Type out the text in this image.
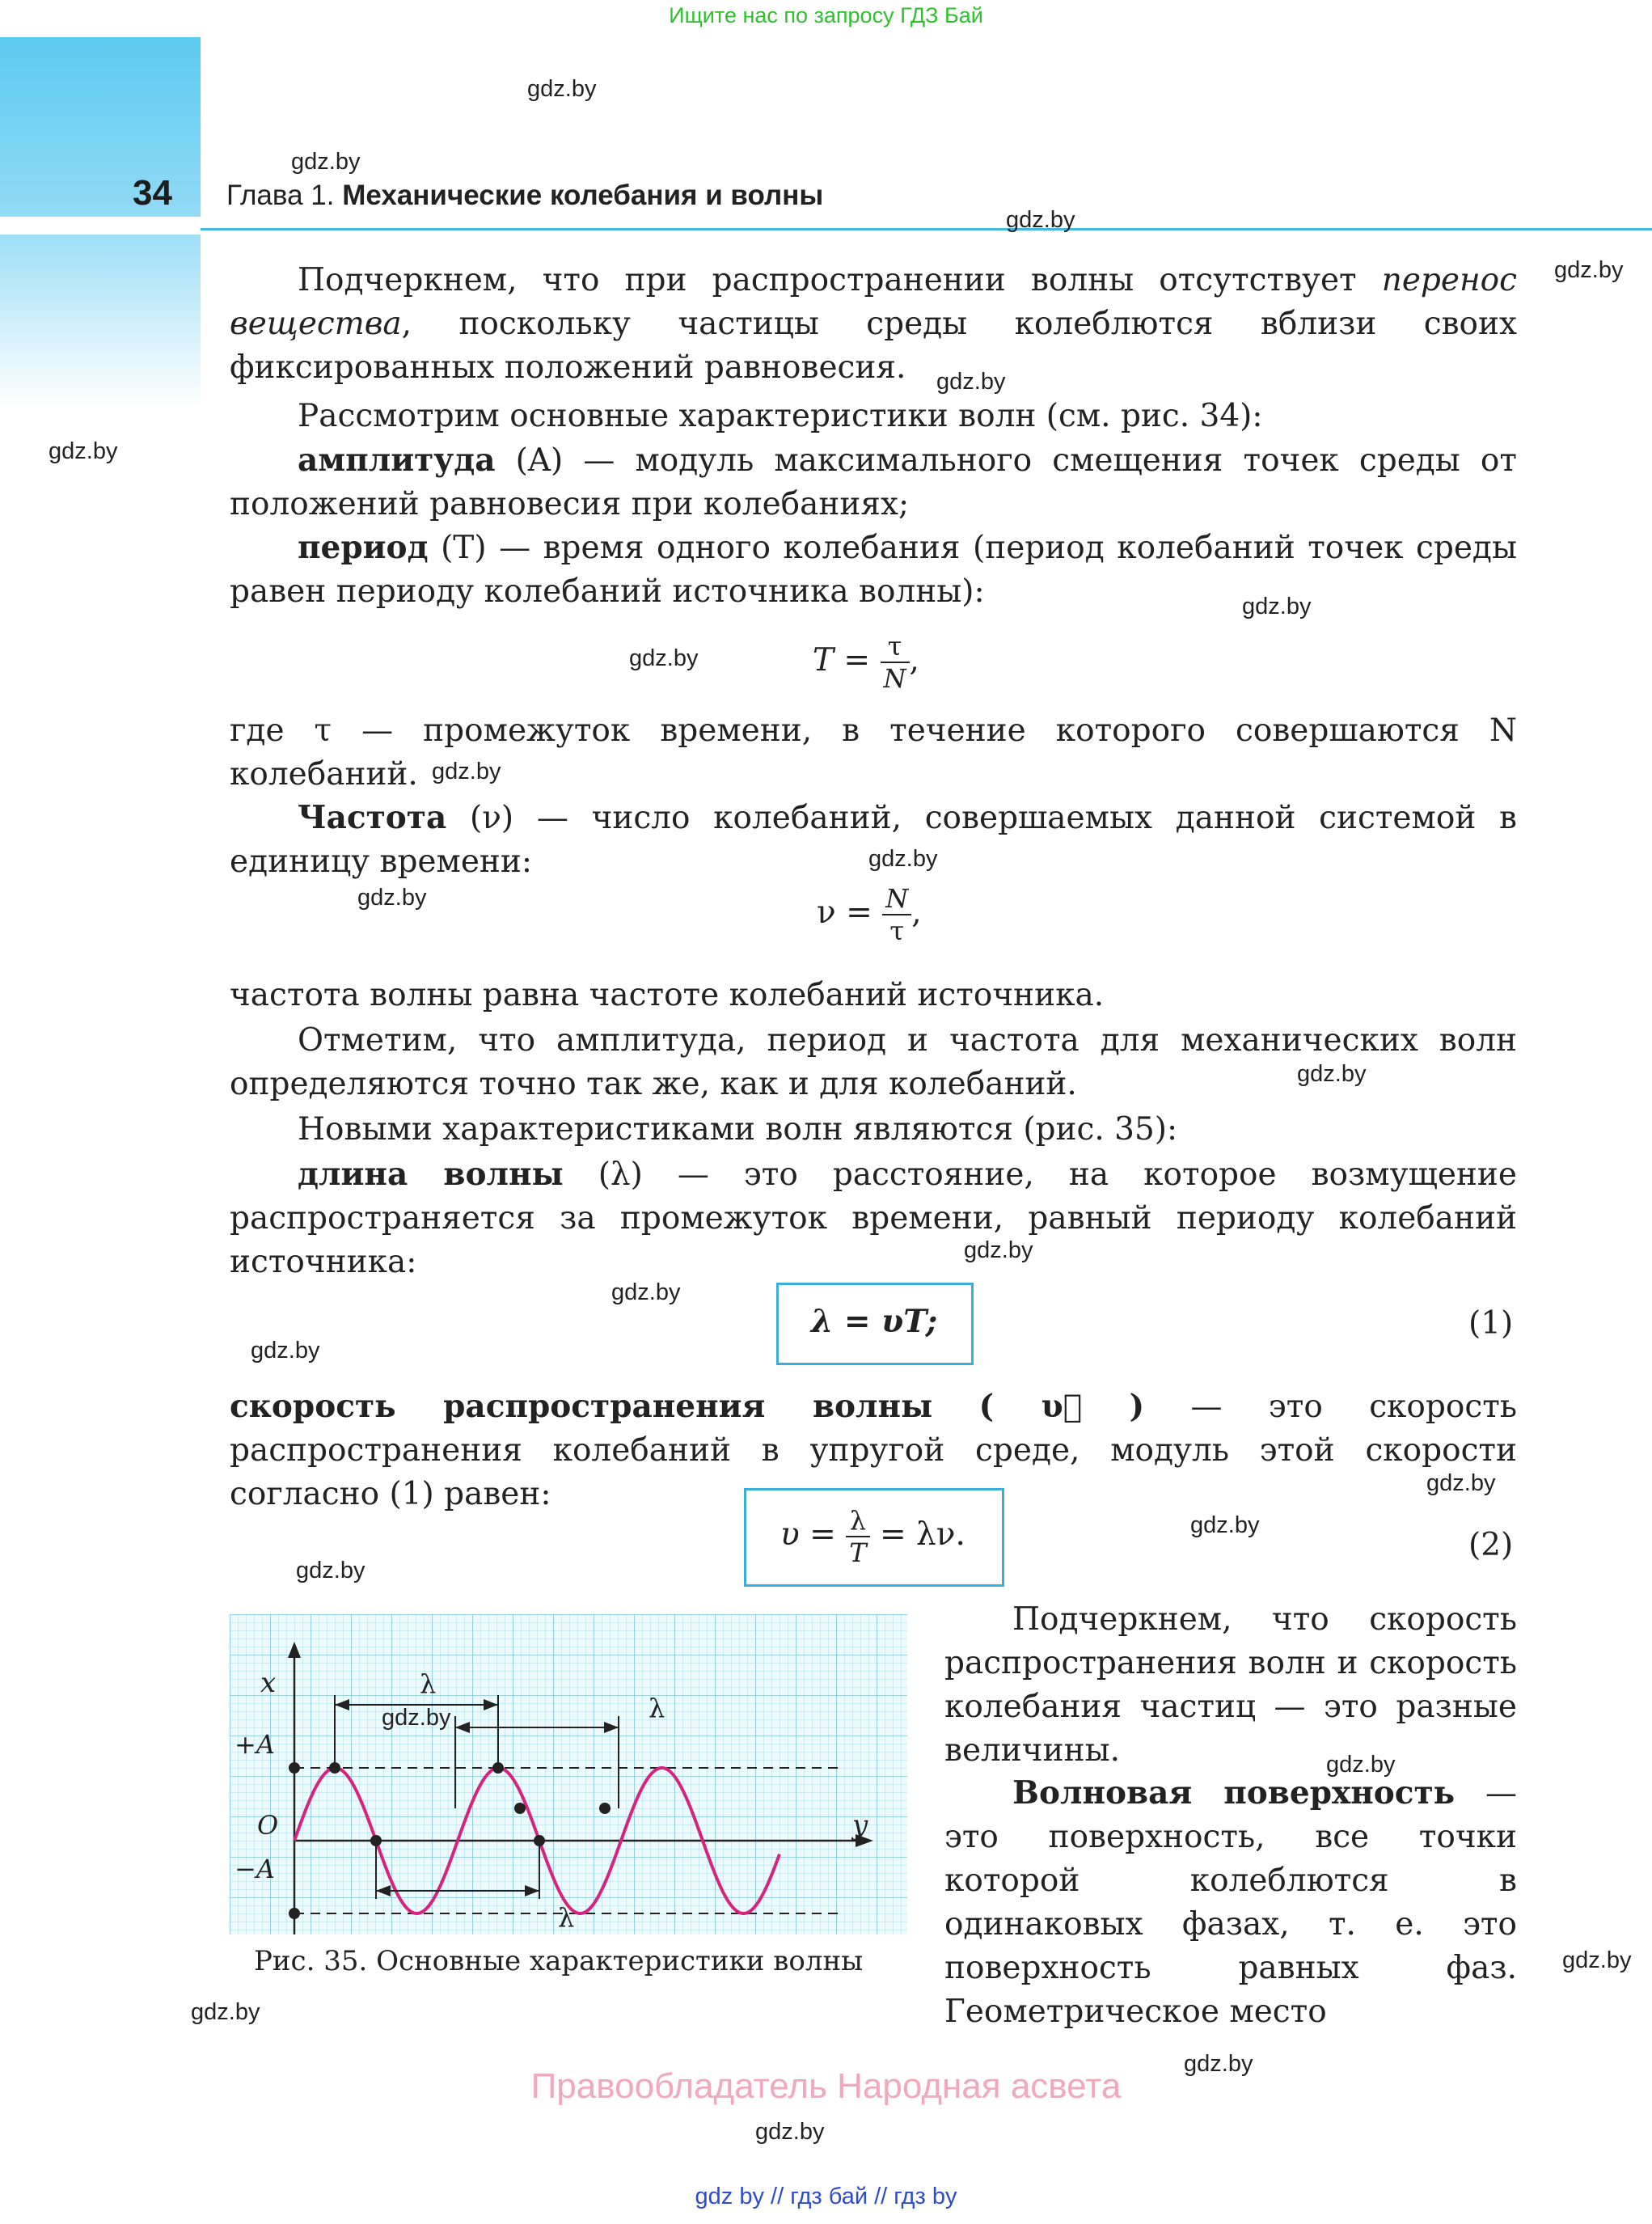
Ищите нас по запросу ГДЗ Бай
34 Глава 1. Механические колебания и волны
Подчеркнем, что при распространении волны отсутствует перенос вещества, поскольку частицы среды колеблются вблизи своих фиксированных положений равновесия.
Рассмотрим основные характеристики волн (см. рис. 34):
амплитуда (A) — модуль максимального смещения точек среды от положений равновесия при колебаниях;
период (T) — время одного колебания (период колебаний точек среды равен периоду колебаний источника волны):
$T = \frac{\tau}{N}$ ,
где τ — промежуток времени, в течение которого совершаются N колебаний.
Частота (ν) — число колебаний, совершаемых данной системой в единицу времени:
$\nu = \frac{N}{\tau}$ ,
частота волны равна частоте колебаний источника.
Отметим, что амплитуда, период и частота для механических волн определяются точно так же, как и для колебаний.
Новыми характеристиками волн являются (рис. 35):
длина волны (λ) — это расстояние, на которое возмущение распространяется за промежуток времени, равный периоду колебаний источника:
λ = υT;	(1)
скорость распространения волны ( υ⃗ ) — это скорость распространения колебаний в упругой среде, модуль этой скорости согласно (1) равен:
$\upsilon = \frac{\lambda}{T} = \lambda\nu$.	(2)
Подчеркнем, что скорость распространения волн и скорость колебания частиц — это разные величины.
Волновая поверхность — это поверхность, все точки которой колеблются в одинаковых фазах, т. е. это поверхность равных фаз. Геометрическое место
x
y
+A
−A
O
λ
λ
λ
Рис. 35. Основные характеристики волны
gdz.by
gdz.by
gdz.by
gdz.by
gdz.by
gdz.by
gdz.by
gdz.by
gdz.by
gdz.by
gdz.by
gdz.by
gdz.by
gdz.by
gdz.by
gdz.by
gdz.by
gdz.by
gdz.by
gdz.by
gdz.by
gdz.by
gdz.by
gdz.by
Правообладатель Народная асвета
gdz by // гдз бай // гдз by
